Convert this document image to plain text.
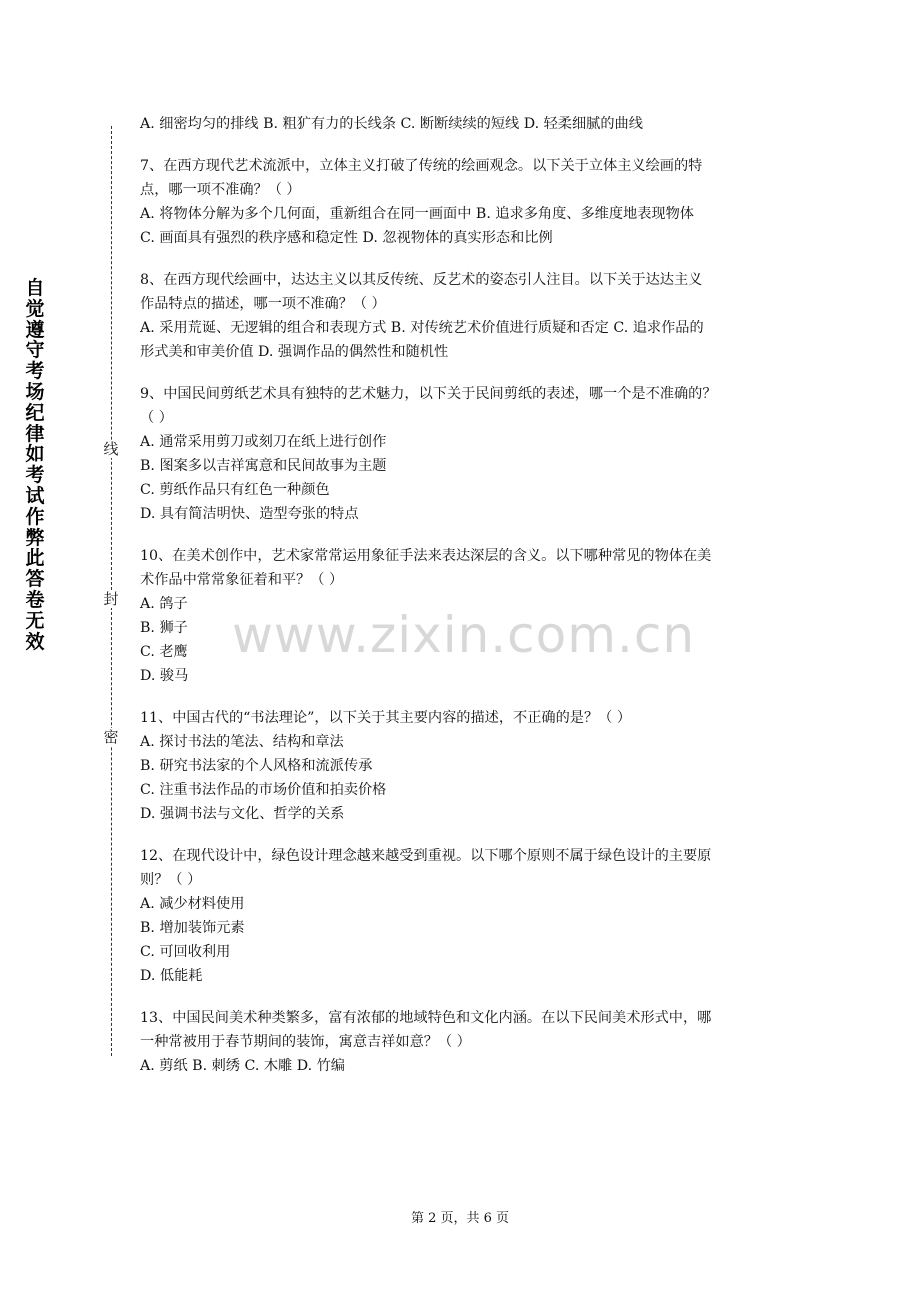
自觉遵守考场纪律如考试作弊此答卷无效
线
封
密
www.zixin.com.cn

A. 细密均匀的排线 B. 粗犷有力的长线条 C. 断断续续的短线 D. 轻柔细腻的曲线

7、在西方现代艺术流派中，立体主义打破了传统的绘画观念。以下关于立体主义绘画的特

点，哪一项不准确？（ ）

A. 将物体分解为多个几何面，重新组合在同一画面中 B. 追求多角度、多维度地表现物体

C. 画面具有强烈的秩序感和稳定性 D. 忽视物体的真实形态和比例

8、在西方现代绘画中，达达主义以其反传统、反艺术的姿态引人注目。以下关于达达主义

作品特点的描述，哪一项不准确？（ ）

A. 采用荒诞、无逻辑的组合和表现方式 B. 对传统艺术价值进行质疑和否定 C. 追求作品的

形式美和审美价值 D. 强调作品的偶然性和随机性

9、中国民间剪纸艺术具有独特的艺术魅力，以下关于民间剪纸的表述，哪一个是不准确的？

（ ）

A. 通常采用剪刀或刻刀在纸上进行创作

B. 图案多以吉祥寓意和民间故事为主题

C. 剪纸作品只有红色一种颜色

D. 具有简洁明快、造型夸张的特点

10、在美术创作中，艺术家常常运用象征手法来表达深层的含义。以下哪种常见的物体在美

术作品中常常象征着和平？（ ）

A. 鸽子

B. 狮子

C. 老鹰

D. 骏马

11、中国古代的“书法理论”，以下关于其主要内容的描述，不正确的是？（ ）

A. 探讨书法的笔法、结构和章法

B. 研究书法家的个人风格和流派传承

C. 注重书法作品的市场价值和拍卖价格

D. 强调书法与文化、哲学的关系

12、在现代设计中，绿色设计理念越来越受到重视。以下哪个原则不属于绿色设计的主要原

则？（ ）

A. 减少材料使用

B. 增加装饰元素

C. 可回收利用

D. 低能耗

13、中国民间美术种类繁多，富有浓郁的地域特色和文化内涵。在以下民间美术形式中，哪

一种常被用于春节期间的装饰，寓意吉祥如意？（ ）

A. 剪纸 B. 刺绣 C. 木雕 D. 竹编

第 2 页，共 6 页
